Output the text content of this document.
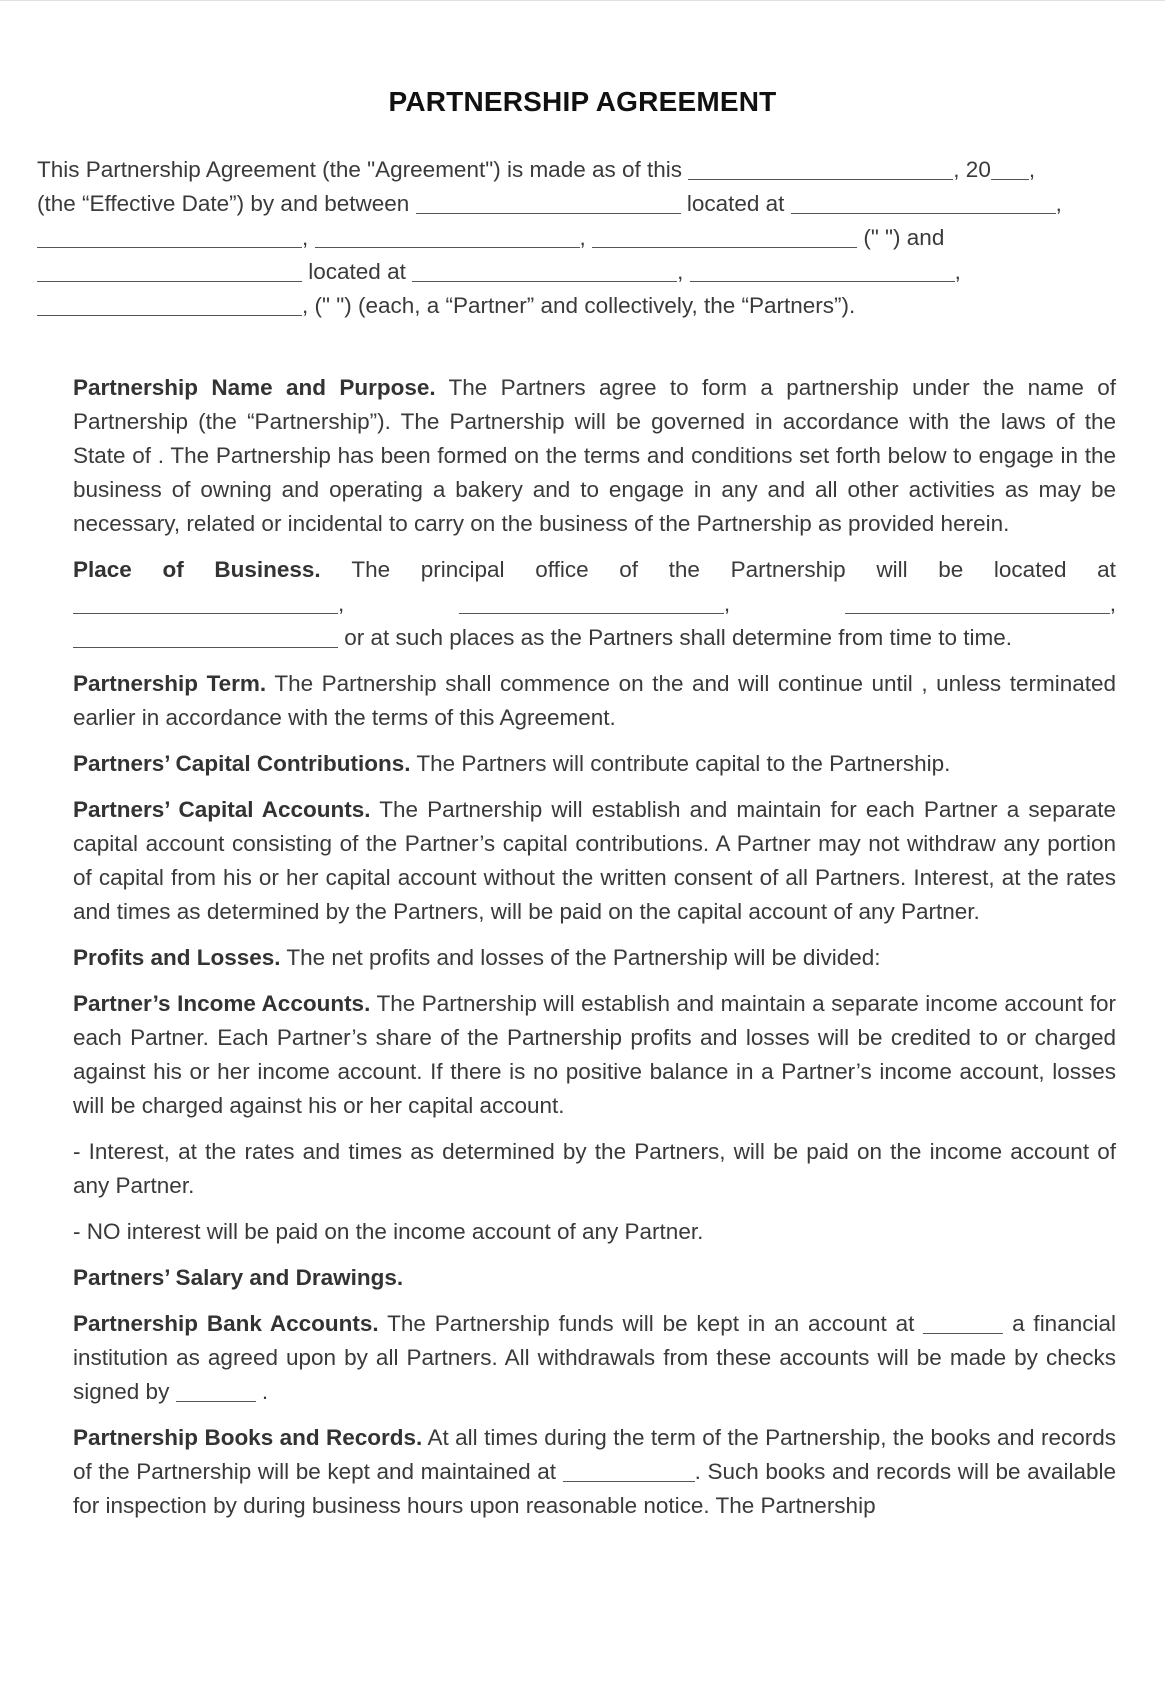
PARTNERSHIP AGREEMENT
This Partnership Agreement (the "Agreement") is made as of this	, 20 ,
(the “Effective Date”) by and between	located at	,
,	,	(" ") and
located at	,	,
, (" ") (each, a “Partner” and collectively, the “Partners”).

Partnership Name and Purpose. The Partners agree to form a partnership under the name of Partnership (the “Partnership”). The Partnership will be governed in accordance with the laws of the State of . The Partnership has been formed on the terms and conditions set forth below to engage in the business of owning and operating a bakery and to engage in any and all other activities as may be necessary, related or incidental to carry on the business of the Partnership as provided herein.

Place of Business. The principal office of the Partnership will be located at
,	,	,
or at such places as the Partners shall determine from time to time.

Partnership Term. The Partnership shall commence on the and will continue until , unless terminated earlier in accordance with the terms of this Agreement.

Partners’ Capital Contributions. The Partners will contribute capital to the Partnership.

Partners’ Capital Accounts. The Partnership will establish and maintain for each Partner a separate capital account consisting of the Partner’s capital contributions. A Partner may not withdraw any portion of capital from his or her capital account without the written consent of all Partners. Interest, at the rates and times as determined by the Partners, will be paid on the capital account of any Partner.

Profits and Losses. The net profits and losses of the Partnership will be divided:

Partner’s Income Accounts. The Partnership will establish and maintain a separate income account for each Partner. Each Partner’s share of the Partnership profits and losses will be credited to or charged against his or her income account. If there is no positive balance in a Partner’s income account, losses will be charged against his or her capital account.

- Interest, at the rates and times as determined by the Partners, will be paid on the income account of any Partner.

- NO interest will be paid on the income account of any Partner.

Partners’ Salary and Drawings.

Partnership Bank Accounts. The Partnership funds will be kept in an account at	a financial institution as agreed upon by all Partners. All withdrawals from these accounts will be made by checks signed by	.

Partnership Books and Records. At all times during the term of the Partnership, the books and records of the Partnership will be kept and maintained at	. Such books and records will be available for inspection by during business hours upon reasonable notice. The Partnership
